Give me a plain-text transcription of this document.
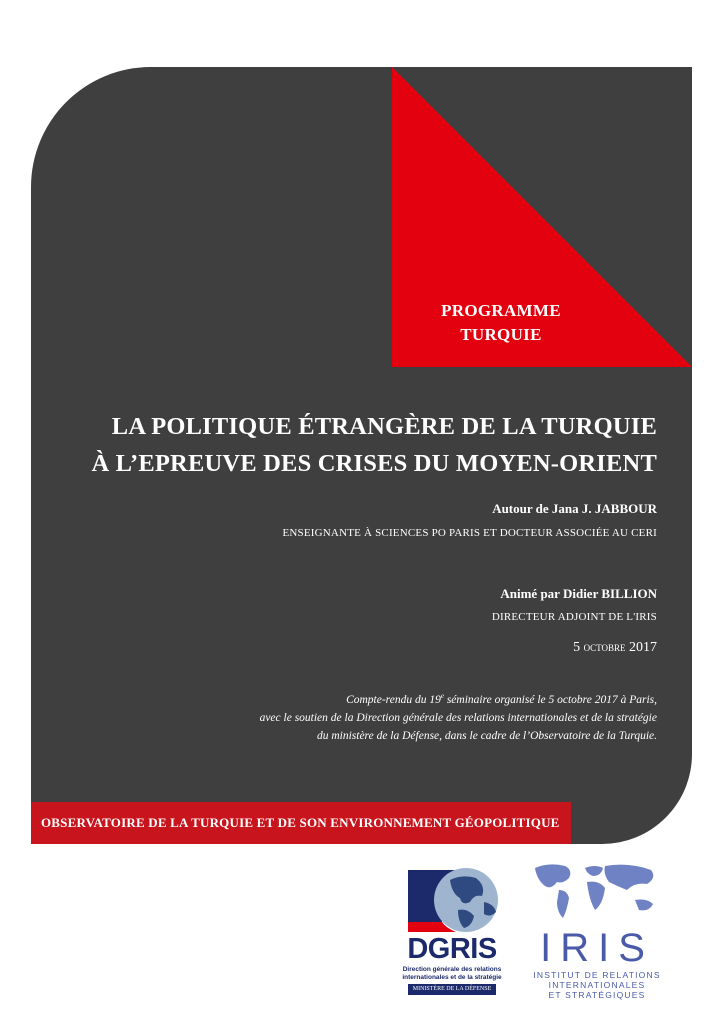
PROGRAMME
TURQUIE
LA POLITIQUE ÉTRANGÈRE DE LA TURQUIE
À L’EPREUVE DES CRISES DU MOYEN-ORIENT
Autour de Jana J. JABBOUR
ENSEIGNANTE À SCIENCES PO PARIS ET DOCTEUR ASSOCIÉE AU CERI
Animé par Didier BILLION
DIRECTEUR ADJOINT DE L'IRIS
5 octobre 2017
Compte-rendu du 19e séminaire organisé le 5 octobre 2017 à Paris,
avec le soutien de la Direction générale des relations internationales et de la stratégie
du ministère de la Défense, dans le cadre de l’Observatoire de la Turquie.
OBSERVATOIRE DE LA TURQUIE ET DE SON ENVIRONNEMENT GÉOPOLITIQUE
DGRIS
Direction générale des relations
internationales et de la stratégie
MINISTÈRE DE LA DÉFENSE
IRIS
INSTITUT DE RELATIONS
INTERNATIONALES
ET STRATÉGIQUES
